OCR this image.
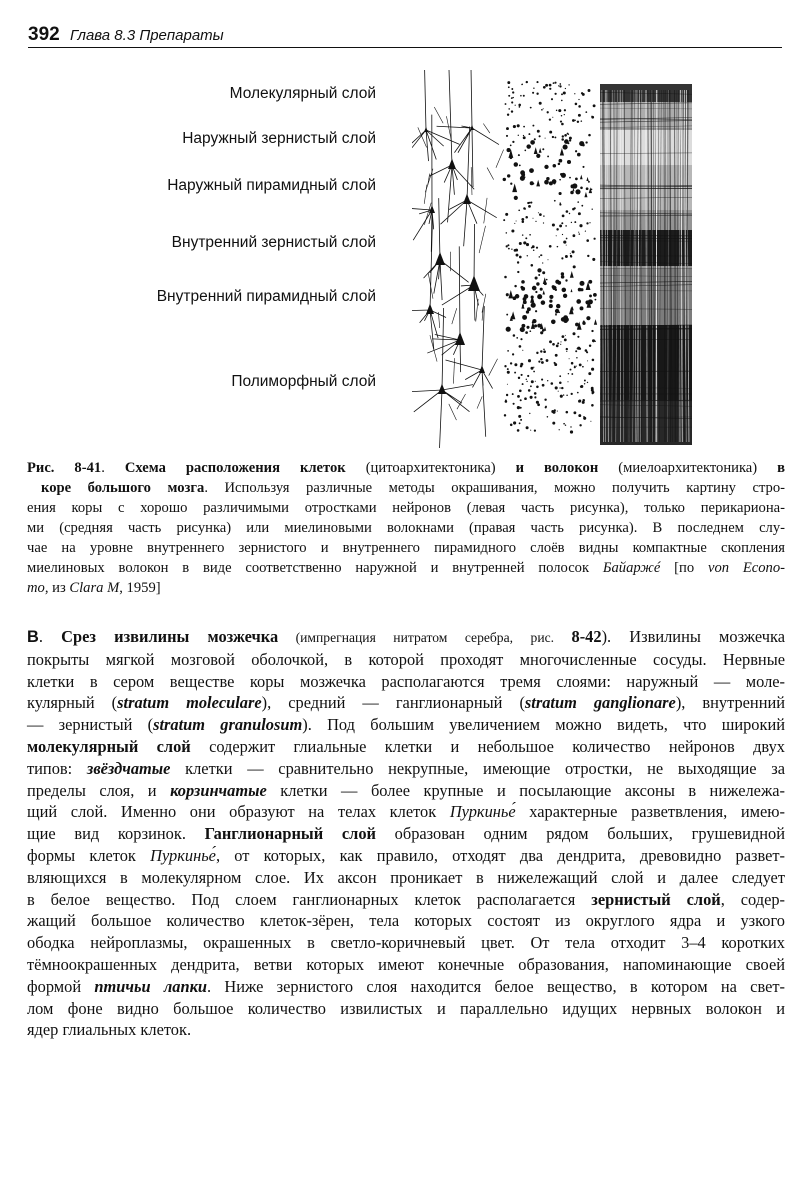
392 Глава 8.3 Препараты
Молекулярный слой
Наружный зернистый слой
Наружный пирамидный слой
Внутренний зернистый слой
Внутренний пирамидный слой
Полиморфный слой
Рис. 8-41. Схема расположения клеток (цитоархитектоника) и волокон (миелоархитектоника) в
коре большого мозга. Используя различные методы окрашивания, можно получить картину стро-
ения коры с хорошо различимыми отростками нейронов (левая часть рисунка), только перикариона-
ми (средняя часть рисунка) или миелиновыми волокнами (правая часть рисунка). В последнем слу-
чае на уровне внутреннего зернистого и внутреннего пирамидного слоёв видны компактные скопления
миелиновых волокон в виде соответственно наружной и внутренней полосок Байаржé [по von Econo-
mo, из Clara M, 1959]
В. Срез извилины мозжечка (импрегнация нитратом серебра, рис. 8-42). Извилины мозжечка
покрыты мягкой мозговой оболочкой, в которой проходят многочисленные сосуды. Нервные
клетки в сером веществе коры мозжечка располагаются тремя слоями: наружный — моле-
кулярный (stratum moleculare), средний — ганглионарный (stratum ganglionare), внутренний
— зернистый (stratum granulosum). Под большим увеличением можно видеть, что широкий
молекулярный слой содержит глиальные клетки и небольшое количество нейронов двух
типов: звёздчатые клетки — сравнительно некрупные, имеющие отростки, не выходящие за
пределы слоя, и корзинчатые клетки — более крупные и посылающие аксоны в нижележа-
щий слой. Именно они образуют на телах клеток Пуркинье́ характерные разветвления, имею-
щие вид корзинок. Ганглионарный слой образован одним рядом больших, грушевидной
формы клеток Пуркинье́, от которых, как правило, отходят два дендрита, древовидно развет-
вляющихся в молекулярном слое. Их аксон проникает в нижележащий слой и далее следует
в белое вещество. Под слоем ганглионарных клеток располагается зернистый слой, содер-
жащий большое количество клеток-зёрен, тела которых состоят из округлого ядра и узкого
ободка нейроплазмы, окрашенных в светло-коричневый цвет. От тела отходит 3–4 коротких
тёмноокрашенных дендрита, ветви которых имеют конечные образования, напоминающие своей
формой птичьи лапки. Ниже зернистого слоя находится белое вещество, в котором на свет-
лом фоне видно большое количество извилистых и параллельно идущих нервных волокон и
ядер глиальных клеток.
